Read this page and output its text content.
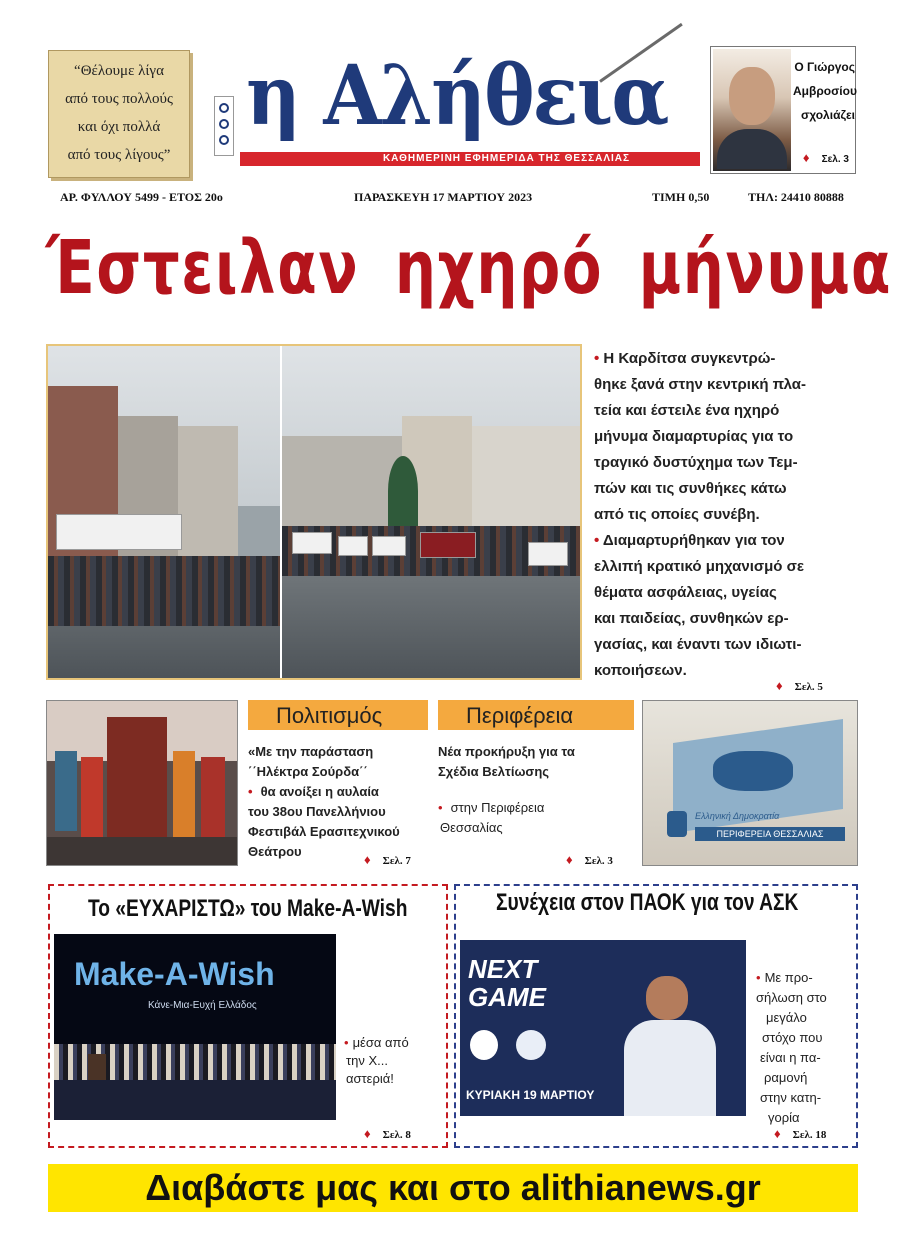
“Θέλουμε λίγα
από τους πολλούς
και όχι πολλά
από τους λίγους”
η Αλήθεια
ΚΑΘΗΜΕΡΙΝΗ ΕΦΗΜΕΡΙΔΑ ΤΗΣ ΘΕΣΣΑΛΙΑΣ
Ο Γιώργος
Αμβροσίου
σχολιάζει
♦ Σελ. 3
ΑΡ. ΦΥΛΛΟΥ 5499 - ΕΤΟΣ 20ο	ΠΑΡΑΣΚΕΥΗ 17 ΜΑΡΤΙΟΥ 2023	ΤΙΜΗ 0,50	ΤΗΛ: 24410 80888
Έστειλαν ηχηρό μήνυμα

• Η Καρδίτσα συγκεντρώ-

θηκε ξανά στην κεντρική πλα-

τεία και έστειλε ένα ηχηρό

μήνυμα διαμαρτυρίας για το

τραγικό δυστύχημα των Τεμ-

πών και τις συνθήκες κάτω

από τις οποίες συνέβη.

• Διαμαρτυρήθηκαν για τον

ελλιπή κρατικό μηχανισμό σε

θέματα ασφάλειας, υγείας

και παιδείας, συνθηκών ερ-

γασίας, και έναντι των ιδιωτι-

κοποιήσεων.

♦ Σελ. 5
Πολιτισμός
«Με την παράσταση
΄΄Ηλέκτρα Σούρδα΄΄
• θα ανοίξει η αυλαία
του 38ου Πανελλήνιου
Φεστιβάλ Ερασιτεχνικού
Θεάτρου
♦ Σελ. 7
Περιφέρεια
Νέα προκήρυξη για τα
Σχέδια Βελτίωσης
• στην Περιφέρεια
Θεσσαλίας
♦ Σελ. 3
Ελληνική Δημοκρατία
ΠΕΡΙΦΕΡΕΙΑ ΘΕΣΣΑΛΙΑΣ
Το «ΕΥΧΑΡΙΣΤΩ» του Make-A-Wish
Make-A-Wish
Κάνε-Μια-Ευχή Ελλάδος
• μέσα από
την Χ...
αστεριά!
♦ Σελ. 8
Συνέχεια στον ΠΑΟΚ για τον ΑΣΚ
NEXT
GAME
ΚΥΡΙΑΚΗ 19 ΜΑΡΤΙΟΥ
• Με προ-
σήλωση στο
μεγάλο
στόχο που
είναι η πα-
ραμονή
στην κατη-
γορία
♦ Σελ. 18
Διαβάστε μας και στο alithianews.gr
